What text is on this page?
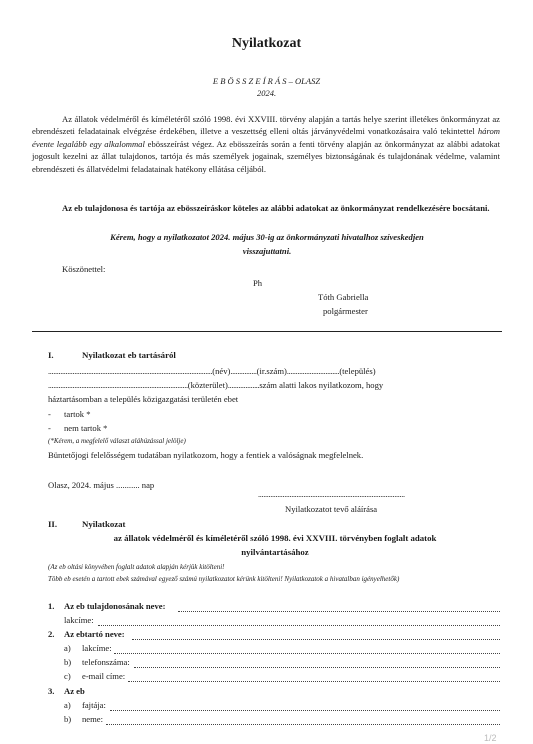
Nyilatkozat
E B Ö S S Z E Í R Á S – OLASZ
2024.

Az állatok védelméről és kíméletéről szóló 1998. évi XXVIII. törvény alapján a tartás helye szerint illetékes önkormányzat az ebrendészeti feladatainak elvégzése érdekében, illetve a veszettség elleni oltás járványvédelmi vonatkozásaira való tekintettel három évente legalább egy alkalommal ebösszeírást végez. Az ebösszeírás során a fenti törvény alapján az önkormányzat az alábbi adatokat jogosult kezelni az állat tulajdonos, tartója és más személyek jogainak, személyes biztonságának és tulajdonának védelme, valamint ebrendészeti és állatvédelmi feladatainak hatékony ellátása céljából.

Az eb tulajdonosa és tartója az ebösszeíráskor köteles az alábbi adatokat az önkormányzat rendelkezésére bocsátani.

Kérem, hogy a nyilatkozatot 2024. május 30-ig az önkormányzati hivatalhoz szíveskedjen
visszajuttatni.
Köszönettel:
Ph
Tóth Gabriella
polgármester
I.	Nyilatkozat eb tartásáról
..............................................................................................(név)...............(ir.szám)..............................(település)
................................................................................(közterület)..................szám alatti lakos nyilatkozom, hogy
háztartásomban a település közigazgatási területén ebet
- tartok *
- nem tartok *
(*Kérem, a megfelelő választ aláhúzással jelölje)
Büntetőjogi felelősségem tudatában nyilatkozom, hogy a fentiek a valóságnak megfelelnek.
Olasz, 2024. május ........... nap
....................................................................................
Nyilatkozatot tevő aláírása
II.	Nyilatkozat
az állatok védelméről és kíméletéről szóló 1998. évi XXVIII. törvényben foglalt adatok
nyilvántartásához
(Az eb oltási könyvében foglalt adatok alapján kérjük kitölteni!
Több eb esetén a tartott ebek számával egyező számú nyilatkozatot kérünk kitölteni! Nyilatkozatok a hivatalban igényelhetők)
1. Az eb tulajdonosának neve:
lakcíme:
2. Az ebtartó neve:
a) lakcíme:
b) telefonszáma:
c) e-mail címe:
3. Az eb
a) fajtája:
b) neme:
1/2
